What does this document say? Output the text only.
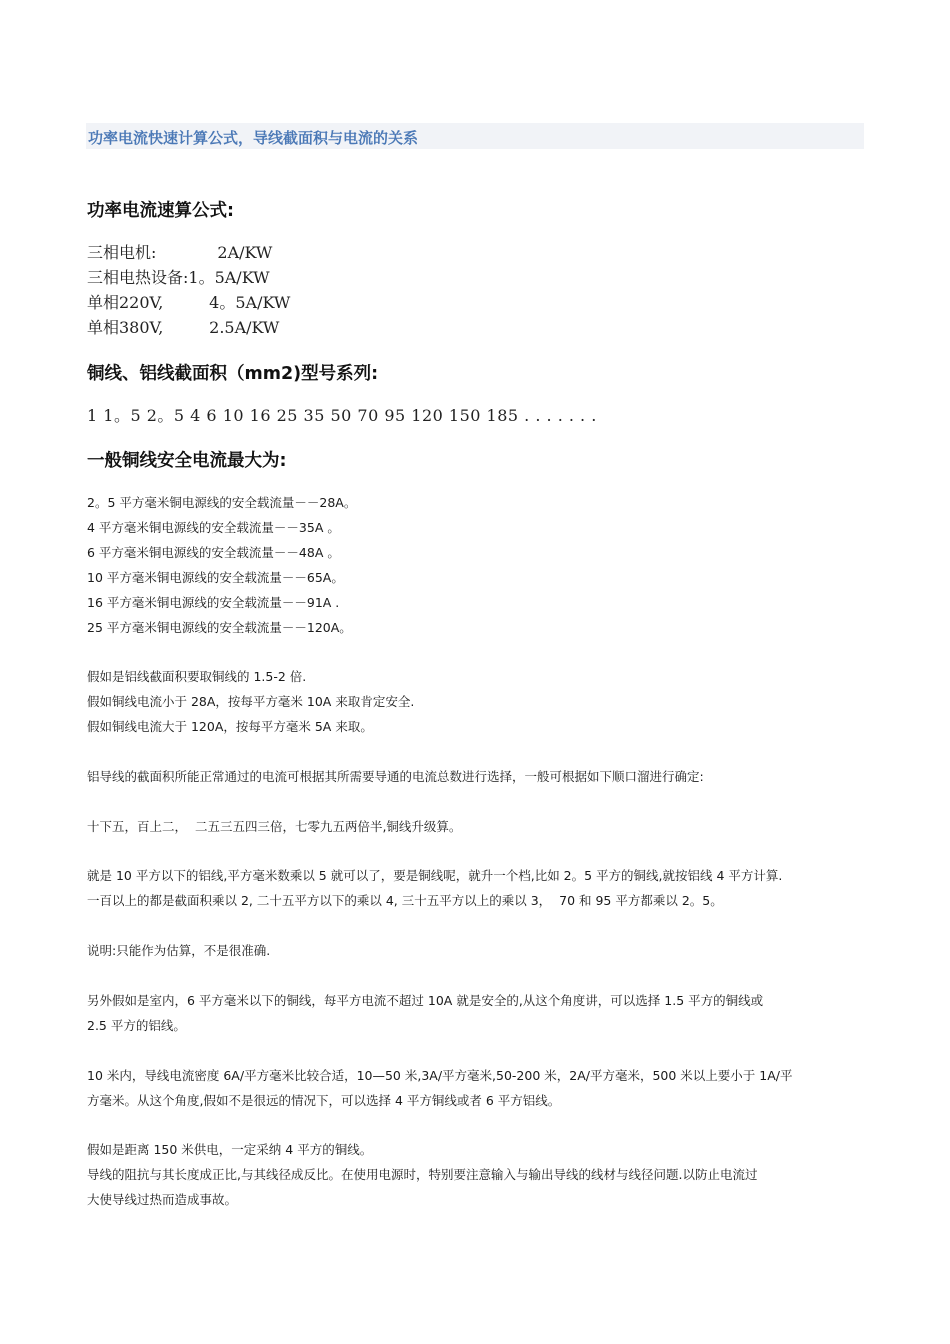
功率电流快速计算公式，导线截面积与电流的关系
功率电流速算公式:
三相电机:            2A/KW
三相电热设备:1。5A/KW
单相220V,         4。5A/KW
单相380V,         2.5A/KW
铜线、铝线截面积（mm2)型号系列:
1 1。5 2。5 4 6 10 16 25 35 50 70 95 120 150 185 . . . . . . .
一般铜线安全电流最大为:
2。5 平方毫米铜电源线的安全载流量－－28A。
4 平方毫米铜电源线的安全载流量－－35A 。
6 平方毫米铜电源线的安全载流量－－48A 。
10 平方毫米铜电源线的安全载流量－－65A。
16 平方毫米铜电源线的安全载流量－－91A .
25 平方毫米铜电源线的安全载流量－－120A。
假如是铝线截面积要取铜线的 1.5-2 倍.
假如铜线电流小于 28A，按每平方毫米 10A 来取肯定安全.
假如铜线电流大于 120A，按每平方毫米 5A 来取。
铝导线的截面积所能正常通过的电流可根据其所需要导通的电流总数进行选择，一般可根据如下顺口溜进行确定:
十下五，百上二，  二五三五四三倍，七零九五两倍半,铜线升级算。
就是 10 平方以下的铝线,平方毫米数乘以 5 就可以了，要是铜线呢，就升一个档,比如 2。5 平方的铜线,就按铝线 4 平方计算.
一百以上的都是截面积乘以 2, 二十五平方以下的乘以 4, 三十五平方以上的乘以 3，  70 和 95 平方都乘以 2。5。
说明:只能作为估算，不是很准确.
另外假如是室内，6 平方毫米以下的铜线，每平方电流不超过 10A 就是安全的,从这个角度讲，可以选择 1.5 平方的铜线或
2.5 平方的铝线。
10 米内，导线电流密度 6A/平方毫米比较合适，10—50 米,3A/平方毫米,50-200 米，2A/平方毫米，500 米以上要小于 1A/平
方毫米。从这个角度,假如不是很远的情况下，可以选择 4 平方铜线或者 6 平方铝线。
假如是距离 150 米供电，一定采纳 4 平方的铜线。
导线的阻抗与其长度成正比,与其线径成反比。在使用电源时，特别要注意输入与输出导线的线材与线径问题.以防止电流过
大使导线过热而造成事故。
